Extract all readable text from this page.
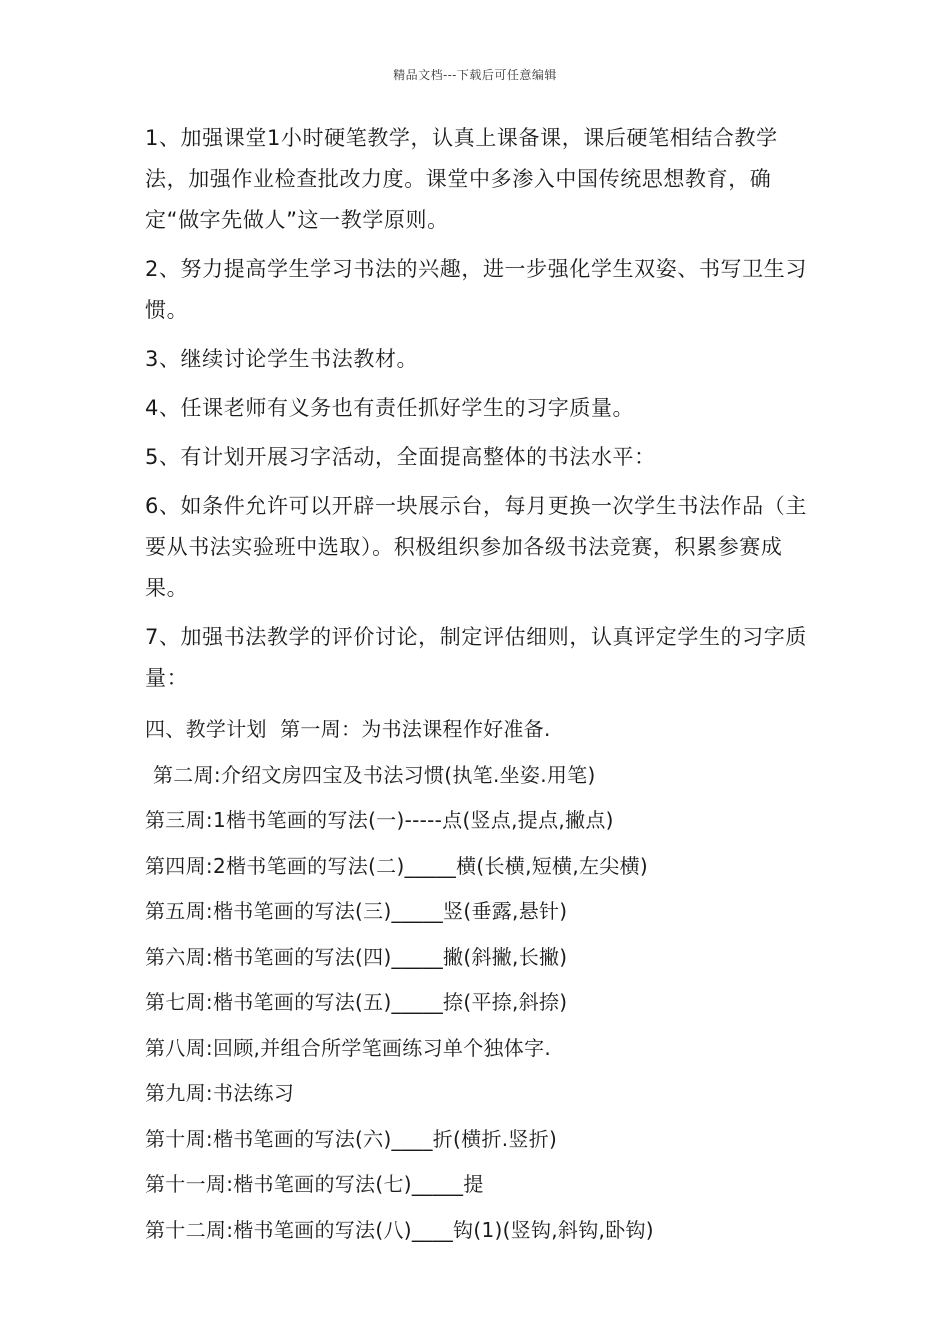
精品文档---下载后可任意编辑

1、加强课堂1小时硬笔教学，认真上课备课，课后硬笔相结合教学法，加强作业检查批改力度。课堂中多渗入中国传统思想教育，确定“做字先做人”这一教学原则。

2、努力提高学生学习书法的兴趣，进一步强化学生双姿、书写卫生习惯。

3、继续讨论学生书法教材。

4、任课老师有义务也有责任抓好学生的习字质量。

5、有计划开展习字活动，全面提高整体的书法水平：

6、如条件允许可以开辟一块展示台，每月更换一次学生书法作品（主要从书法实验班中选取）。积极组织参加各级书法竞赛，积累参赛成果。

7、加强书法教学的评价讨论，制定评估细则，认真评定学生的习字质量：

四、教学计划  第一周：为书法课程作好准备.

第二周:介绍文房四宝及书法习惯(执笔.坐姿.用笔)

第三周:1楷书笔画的写法(一)-----点(竖点,提点,撇点)

第四周:2楷书笔画的写法(二)_____横(长横,短横,左尖横)

第五周:楷书笔画的写法(三)_____竖(垂露,悬针)

第六周:楷书笔画的写法(四)_____撇(斜撇,长撇)

第七周:楷书笔画的写法(五)_____捺(平捺,斜捺)

第八周:回顾,并组合所学笔画练习单个独体字.

第九周:书法练习

第十周:楷书笔画的写法(六)____折(横折.竖折)

第十一周:楷书笔画的写法(七)_____提

第十二周:楷书笔画的写法(八)____钩(1)(竖钩,斜钩,卧钩)
